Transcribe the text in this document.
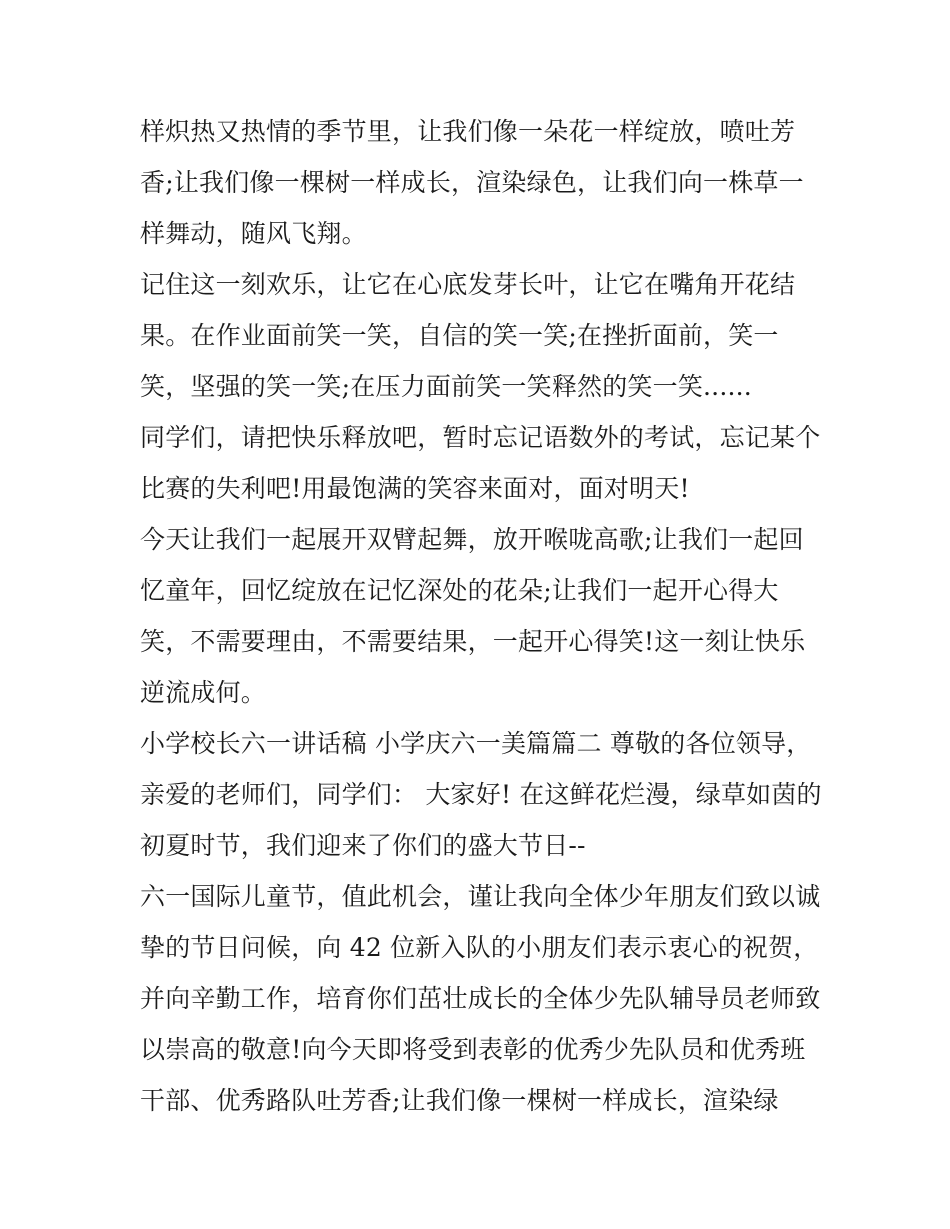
样炽热又热情的季节里，让我们像一朵花一样绽放，喷吐芳
香;让我们像一棵树一样成长，渲染绿色，让我们向一株草一
样舞动，随风飞翔。
记住这一刻欢乐，让它在心底发芽长叶，让它在嘴角开花结
果。在作业面前笑一笑，自信的笑一笑;在挫折面前，笑一
笑，坚强的笑一笑;在压力面前笑一笑释然的笑一笑......
同学们，请把快乐释放吧，暂时忘记语数外的考试，忘记某个
比赛的失利吧!用最饱满的笑容来面对，面对明天!
今天让我们一起展开双臂起舞，放开喉咙高歌;让我们一起回
忆童年，回忆绽放在记忆深处的花朵;让我们一起开心得大
笑，不需要理由，不需要结果，一起开心得笑!这一刻让快乐
逆流成何。
小学校长六一讲话稿 小学庆六一美篇篇二 尊敬的各位领导，
亲爱的老师们，同学们： 大家好! 在这鲜花烂漫，绿草如茵的
初夏时节，我们迎来了你们的盛大节日--
六一国际儿童节，值此机会，谨让我向全体少年朋友们致以诚
挚的节日问候，向 42 位新入队的小朋友们表示衷心的祝贺，
并向辛勤工作，培育你们茁壮成长的全体少先队辅导员老师致
以崇高的敬意!向今天即将受到表彰的优秀少先队员和优秀班
干部、优秀路队吐芳香;让我们像一棵树一样成长，渲染绿
